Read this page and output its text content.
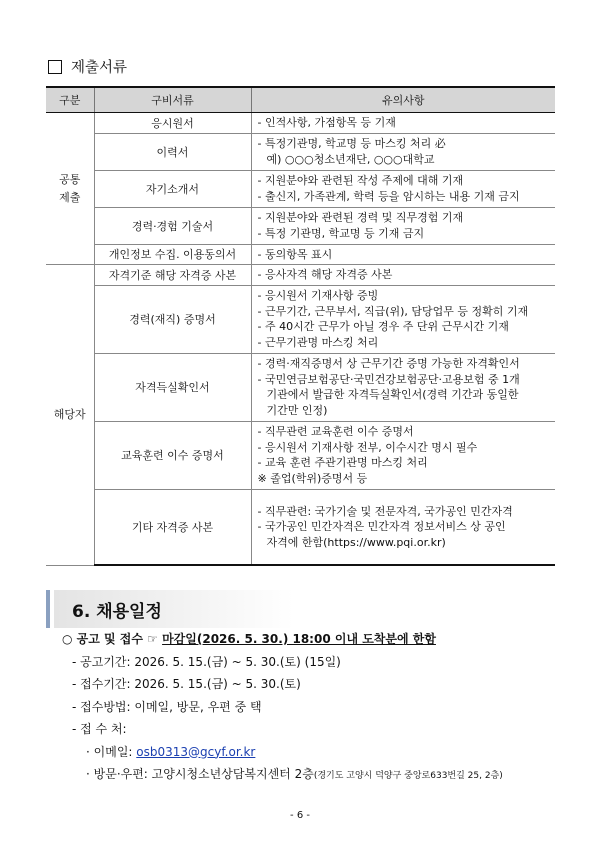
제출서류
구분	구비서류	유의사항

공통
제출	응시원서	- 인적사항, 가점항목 등 기재

	이력서	- 특정기관명, 학교명 등 마스킹 처리 必
예) ○○○청소년재단, ○○○대학교

	자기소개서	- 지원분야와 관련된 작성 주제에 대해 기재
- 출신지, 가족관계, 학력 등을 암시하는 내용 기재 금지

	경력·경험 기술서	- 지원분야와 관련된 경력 및 직무경험 기재
- 특정 기관명, 학교명 등 기재 금지

	개인정보 수집. 이용동의서	- 동의항목 표시

해당자	자격기준 해당 자격증 사본	- 응사자격 해당 자격증 사본

	경력(재직) 증명서	- 응시원서 기재사항 증빙
- 근무기간, 근무부서, 직급(위), 담당업무 등 정확히 기재
- 주 40시간 근무가 아닐 경우 주 단위 근무시간 기재
- 근무기관명 마스킹 처리

	자격득실확인서	- 경력·재직증명서 상 근무기간 증명 가능한 자격확인서
- 국민연금보험공단·국민건강보험공단·고용보험 중 1개
기관에서 발급한 자격득실확인서(경력 기간과 동일한
기간만 인정)

	교육훈련 이수 증명서	- 직무관련 교육훈련 이수 증명서
- 응시원서 기재사항 전부, 이수시간 명시 필수
- 교육 훈련 주관기관명 마스킹 처리
※ 졸업(학위)증명서 등

	기타 자격증 사본	- 직무관련: 국가기술 및 전문자격, 국가공인 민간자격
- 국가공인 민간자격은 민간자격 정보서비스 상 공인
자격에 한함(https://www.pqi.or.kr)
6. 채용일정
○ 공고 및 접수 ☞ 마감일(2026. 5. 30.) 18:00 이내 도착분에 한함
- 공고기간: 2026. 5. 15.(금) ~ 5. 30.(토) (15일)
- 접수기간: 2026. 5. 15.(금) ~ 5. 30.(토)
- 접수방법: 이메일, 방문, 우편 중 택
- 접 수 처:
· 이메일: osb0313@gcyf.or.kr
· 방문·우편: 고양시청소년상담복지센터 2층(경기도 고양시 덕양구 중앙로633번길 25, 2층)
- 6 -
